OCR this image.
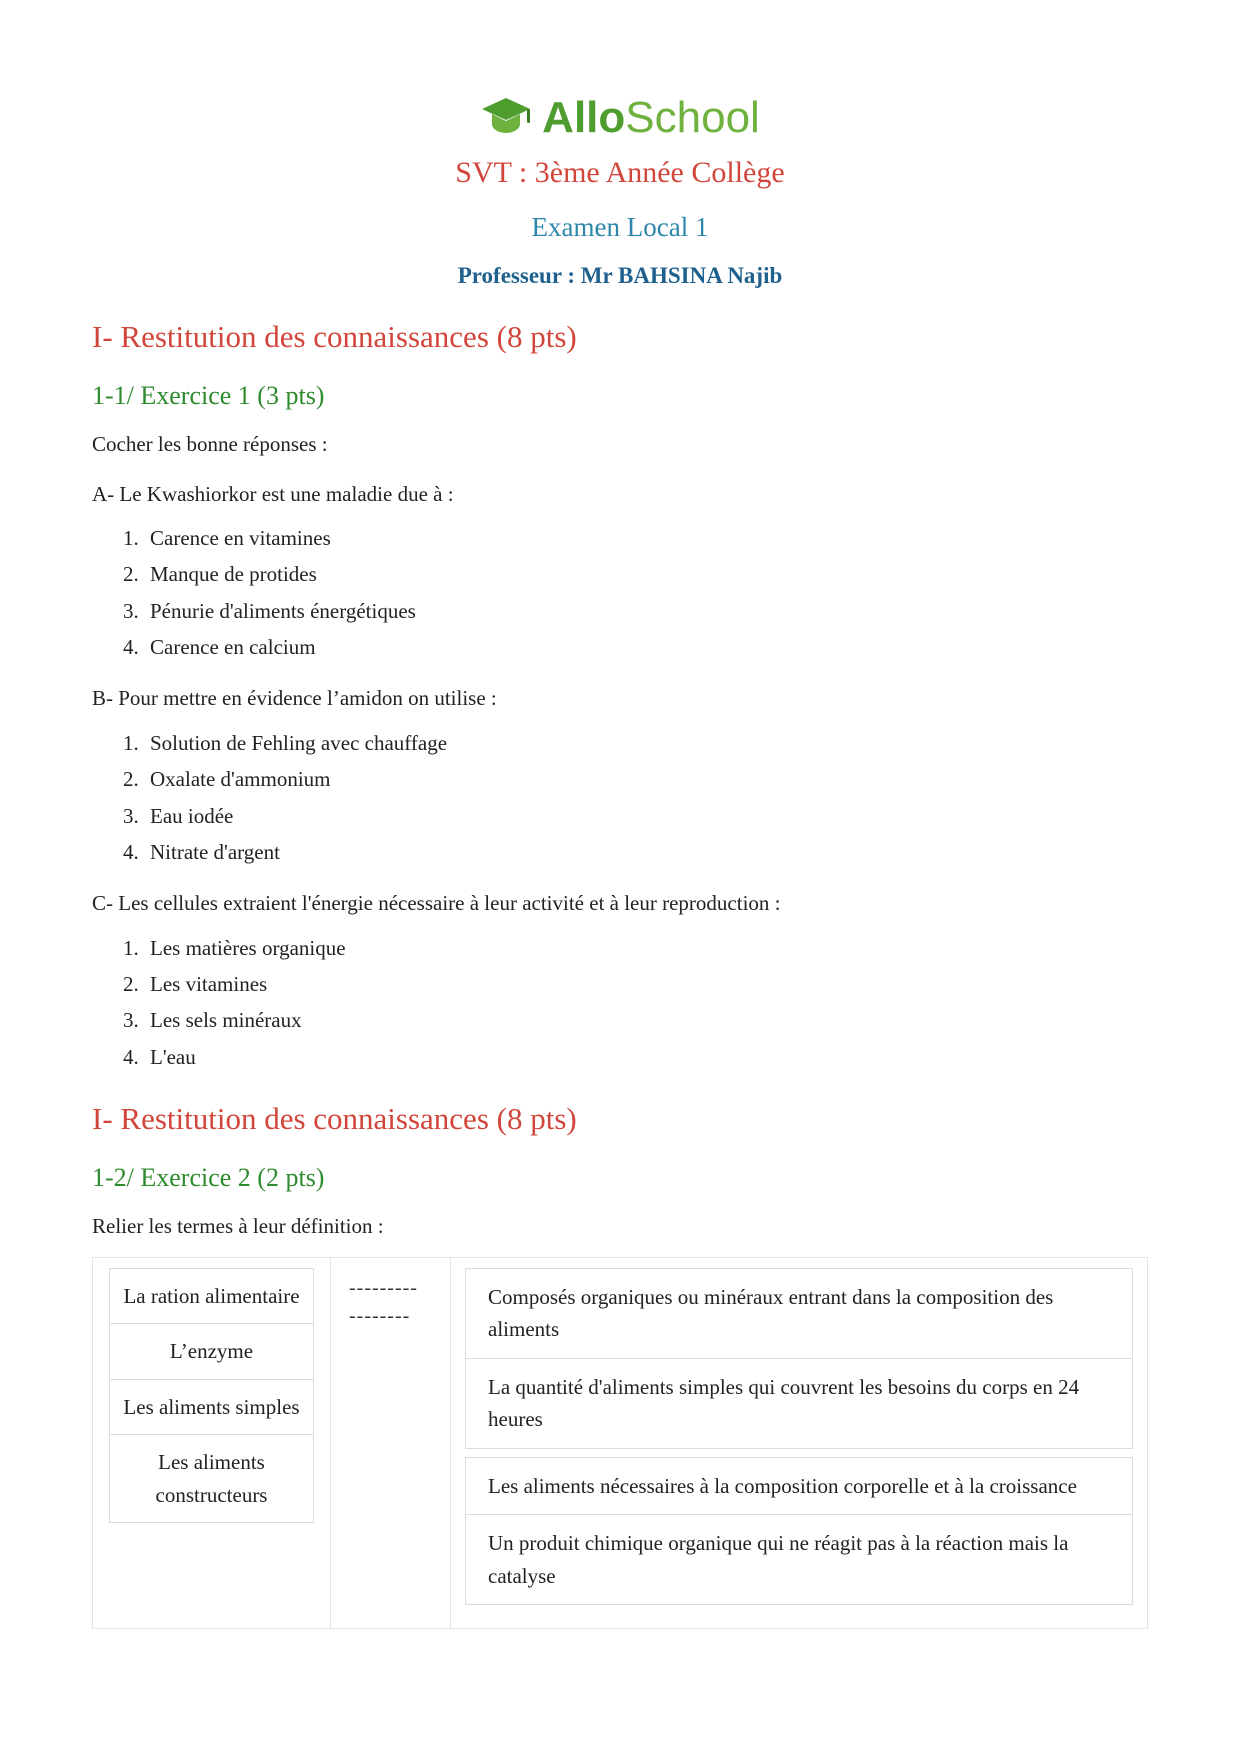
AlloSchool
SVT : 3ème Année Collège
Examen Local 1
Professeur : Mr BAHSINA Najib
I- Restitution des connaissances (8 pts)
1-1/ Exercice 1 (3 pts)

Cocher les bonne réponses :

A- Le Kwashiorkor est une maladie due à :

1. Carence en vitamines
2. Manque de protides
3. Pénurie d'aliments énergétiques
4. Carence en calcium

B- Pour mettre en évidence l’amidon on utilise :

1. Solution de Fehling avec chauffage
2. Oxalate d'ammonium
3. Eau iodée
4. Nitrate d'argent

C- Les cellules extraient l'énergie nécessaire à leur activité et à leur reproduction :

1. Les matières organique
2. Les vitamines
3. Les sels minéraux
4. L'eau
I- Restitution des connaissances (8 pts)
1-2/ Exercice 2 (2 pts)

Relier les termes à leur définition :

La ration alimentaire
L’enzyme
Les aliments simples
Les aliments constructeurs
---------
--------
Composés organiques ou minéraux entrant dans la composition des aliments
La quantité d'aliments simples qui couvrent les besoins du corps en 24 heures
Les aliments nécessaires à la composition corporelle et à la croissance
Un produit chimique organique qui ne réagit pas à la réaction mais la catalyse
